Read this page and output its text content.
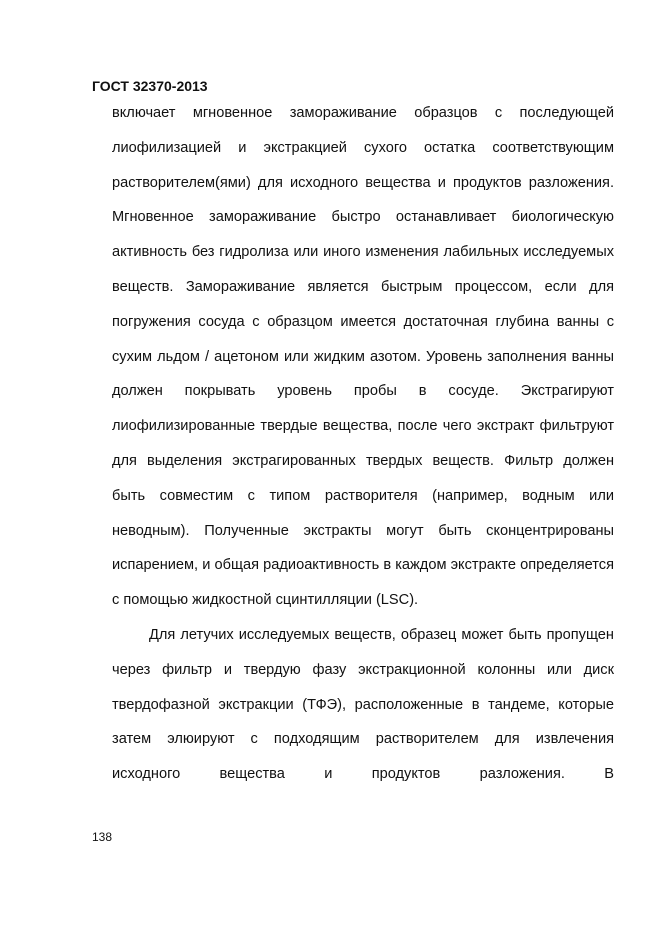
ГОСТ 32370-2013

включает мгновенное замораживание образцов с последующей лиофилизацией и экстракцией сухого остатка соответствующим растворителем(ями) для исходного вещества и продуктов разложения. Мгновенное замораживание быстро останавливает биологическую активность без гидролиза или иного изменения лабильных исследуемых веществ. Замораживание является быстрым процессом, если для погружения сосуда с образцом имеется достаточная глубина ванны с сухим льдом / ацетоном или жидким азотом. Уровень заполнения ванны должен покрывать уровень пробы в сосуде. Экстрагируют лиофилизированные твердые вещества, после чего экстракт фильтруют для выделения экстрагированных твердых веществ. Фильтр должен быть совместим с типом растворителя (например, водным или неводным). Полученные экстракты могут быть сконцентрированы испарением, и общая радиоактивность в каждом экстракте определяется с помощью жидкостной сцинтилляции (LSC).

Для летучих исследуемых веществ, образец может быть пропущен через фильтр и твердую фазу экстракционной колонны или диск твердофазной экстракции (ТФЭ), расположенные в тандеме, которые затем элюируют с подходящим растворителем для извлечения исходного вещества и продуктов разложения. В

138
